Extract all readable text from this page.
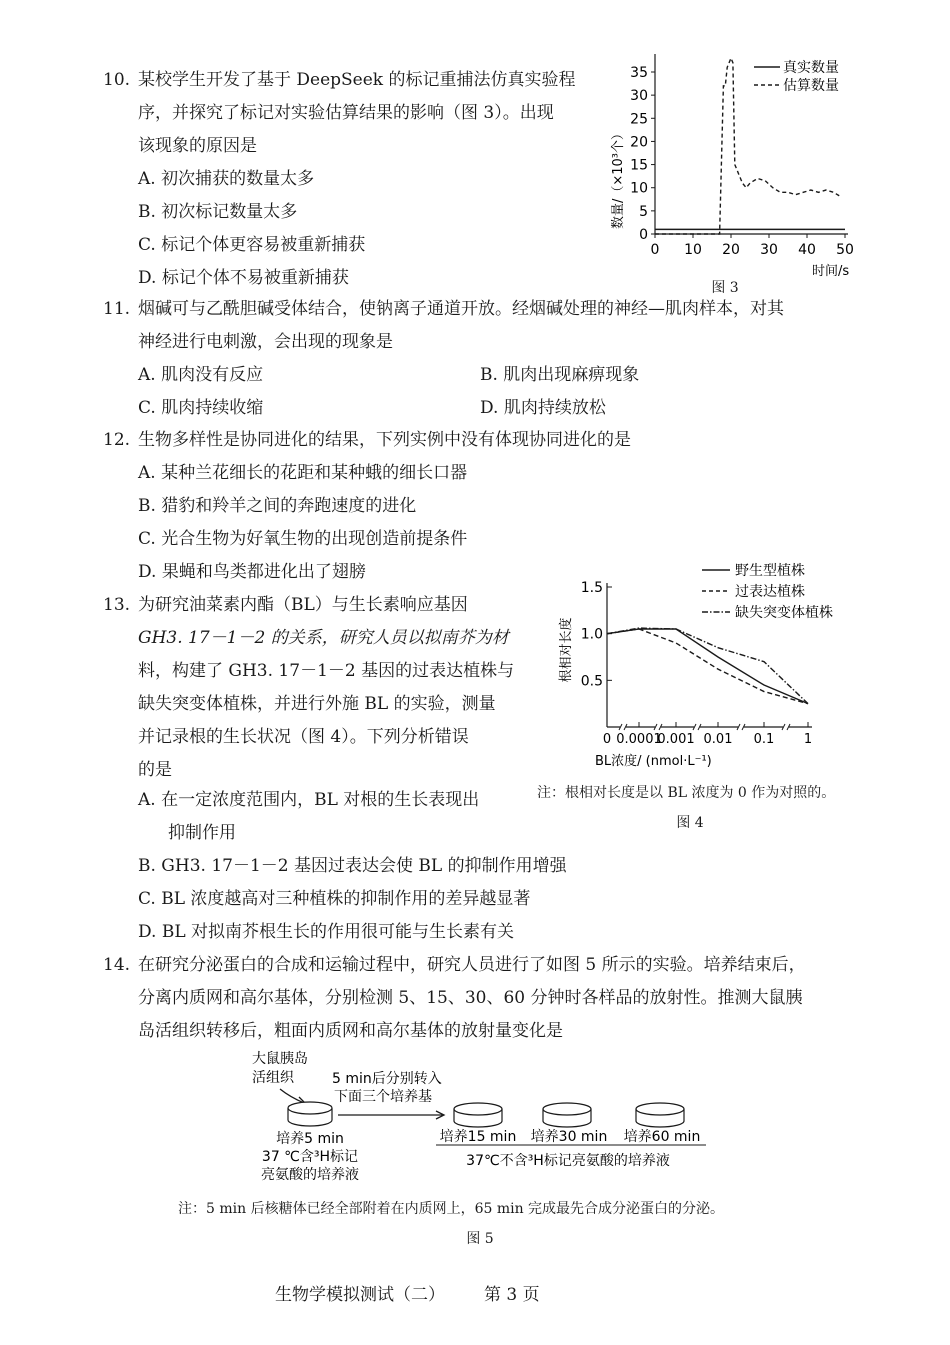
10. 某校学生开发了基于 DeepSeek 的标记重捕法仿真实验程
序，并探究了标记对实验估算结果的影响（图 3）。出现
该现象的原因是
A. 初次捕获的数量太多
B. 初次标记数量太多
C. 标记个体更容易被重新捕获
D. 标记个体不易被重新捕获
0
5
10
15
20
25
30
35
0 10 20 30 40 50
真实数量
估算数量
数量/（×10³个）
时间/s
图 3
11. 烟碱可与乙酰胆碱受体结合，使钠离子通道开放。经烟碱处理的神经—肌肉样本，对其
神经进行电刺激，会出现的现象是
A. 肌肉没有反应	B. 肌肉出现麻痹现象
C. 肌肉持续收缩	D. 肌肉持续放松
12. 生物多样性是协同进化的结果，下列实例中没有体现协同进化的是
A. 某种兰花细长的花距和某种蛾的细长口器
B. 猎豹和羚羊之间的奔跑速度的进化
C. 光合生物为好氧生物的出现创造前提条件
D. 果蝇和鸟类都进化出了翅膀
13. 为研究油菜素内酯（BL）与生长素响应基因
GH3. 17－1－2 的关系，研究人员以拟南芥为材
料，构建了 GH3. 17－1－2 基因的过表达植株与
缺失突变体植株，并进行外施 BL 的实验，测量
并记录根的生长状况（图 4）。下列分析错误
的是
A. 在一定浓度范围内，BL 对根的生长表现出
抑制作用
B. GH3. 17－1－2 基因过表达会使 BL 的抑制作用增强
C. BL 浓度越高对三种植株的抑制作用的差异越显著
D. BL 对拟南芥根生长的作用很可能与生长素有关
0.5
1.0
1.5
0 0.0001
0.001 0.01 0.1 1
野生型植株
过表达植株
缺失突变体植株
根相对长度
BL浓度/ (nmol·L⁻¹)
注：根相对长度是以 BL 浓度为 0 作为对照的。
图 4
14. 在研究分泌蛋白的合成和运输过程中，研究人员进行了如图 5 所示的实验。培养结束后，
分离内质网和高尔基体，分别检测 5、15、30、60 分钟时各样品的放射性。推测大鼠胰
岛活组织转移后，粗面内质网和高尔基体的放射量变化是
大鼠胰岛
活组织	5 min后分别转入
下面三个培养基
培养5 min
37 ℃含³H标记
亮氨酸的培养液
培养15 min 培养30 min 培养60 min
37℃不含³H标记亮氨酸的培养液
注：5 min 后核糖体已经全部附着在内质网上，65 min 完成最先合成分泌蛋白的分泌。
图 5
生物学模拟测试（二） 第 3 页
